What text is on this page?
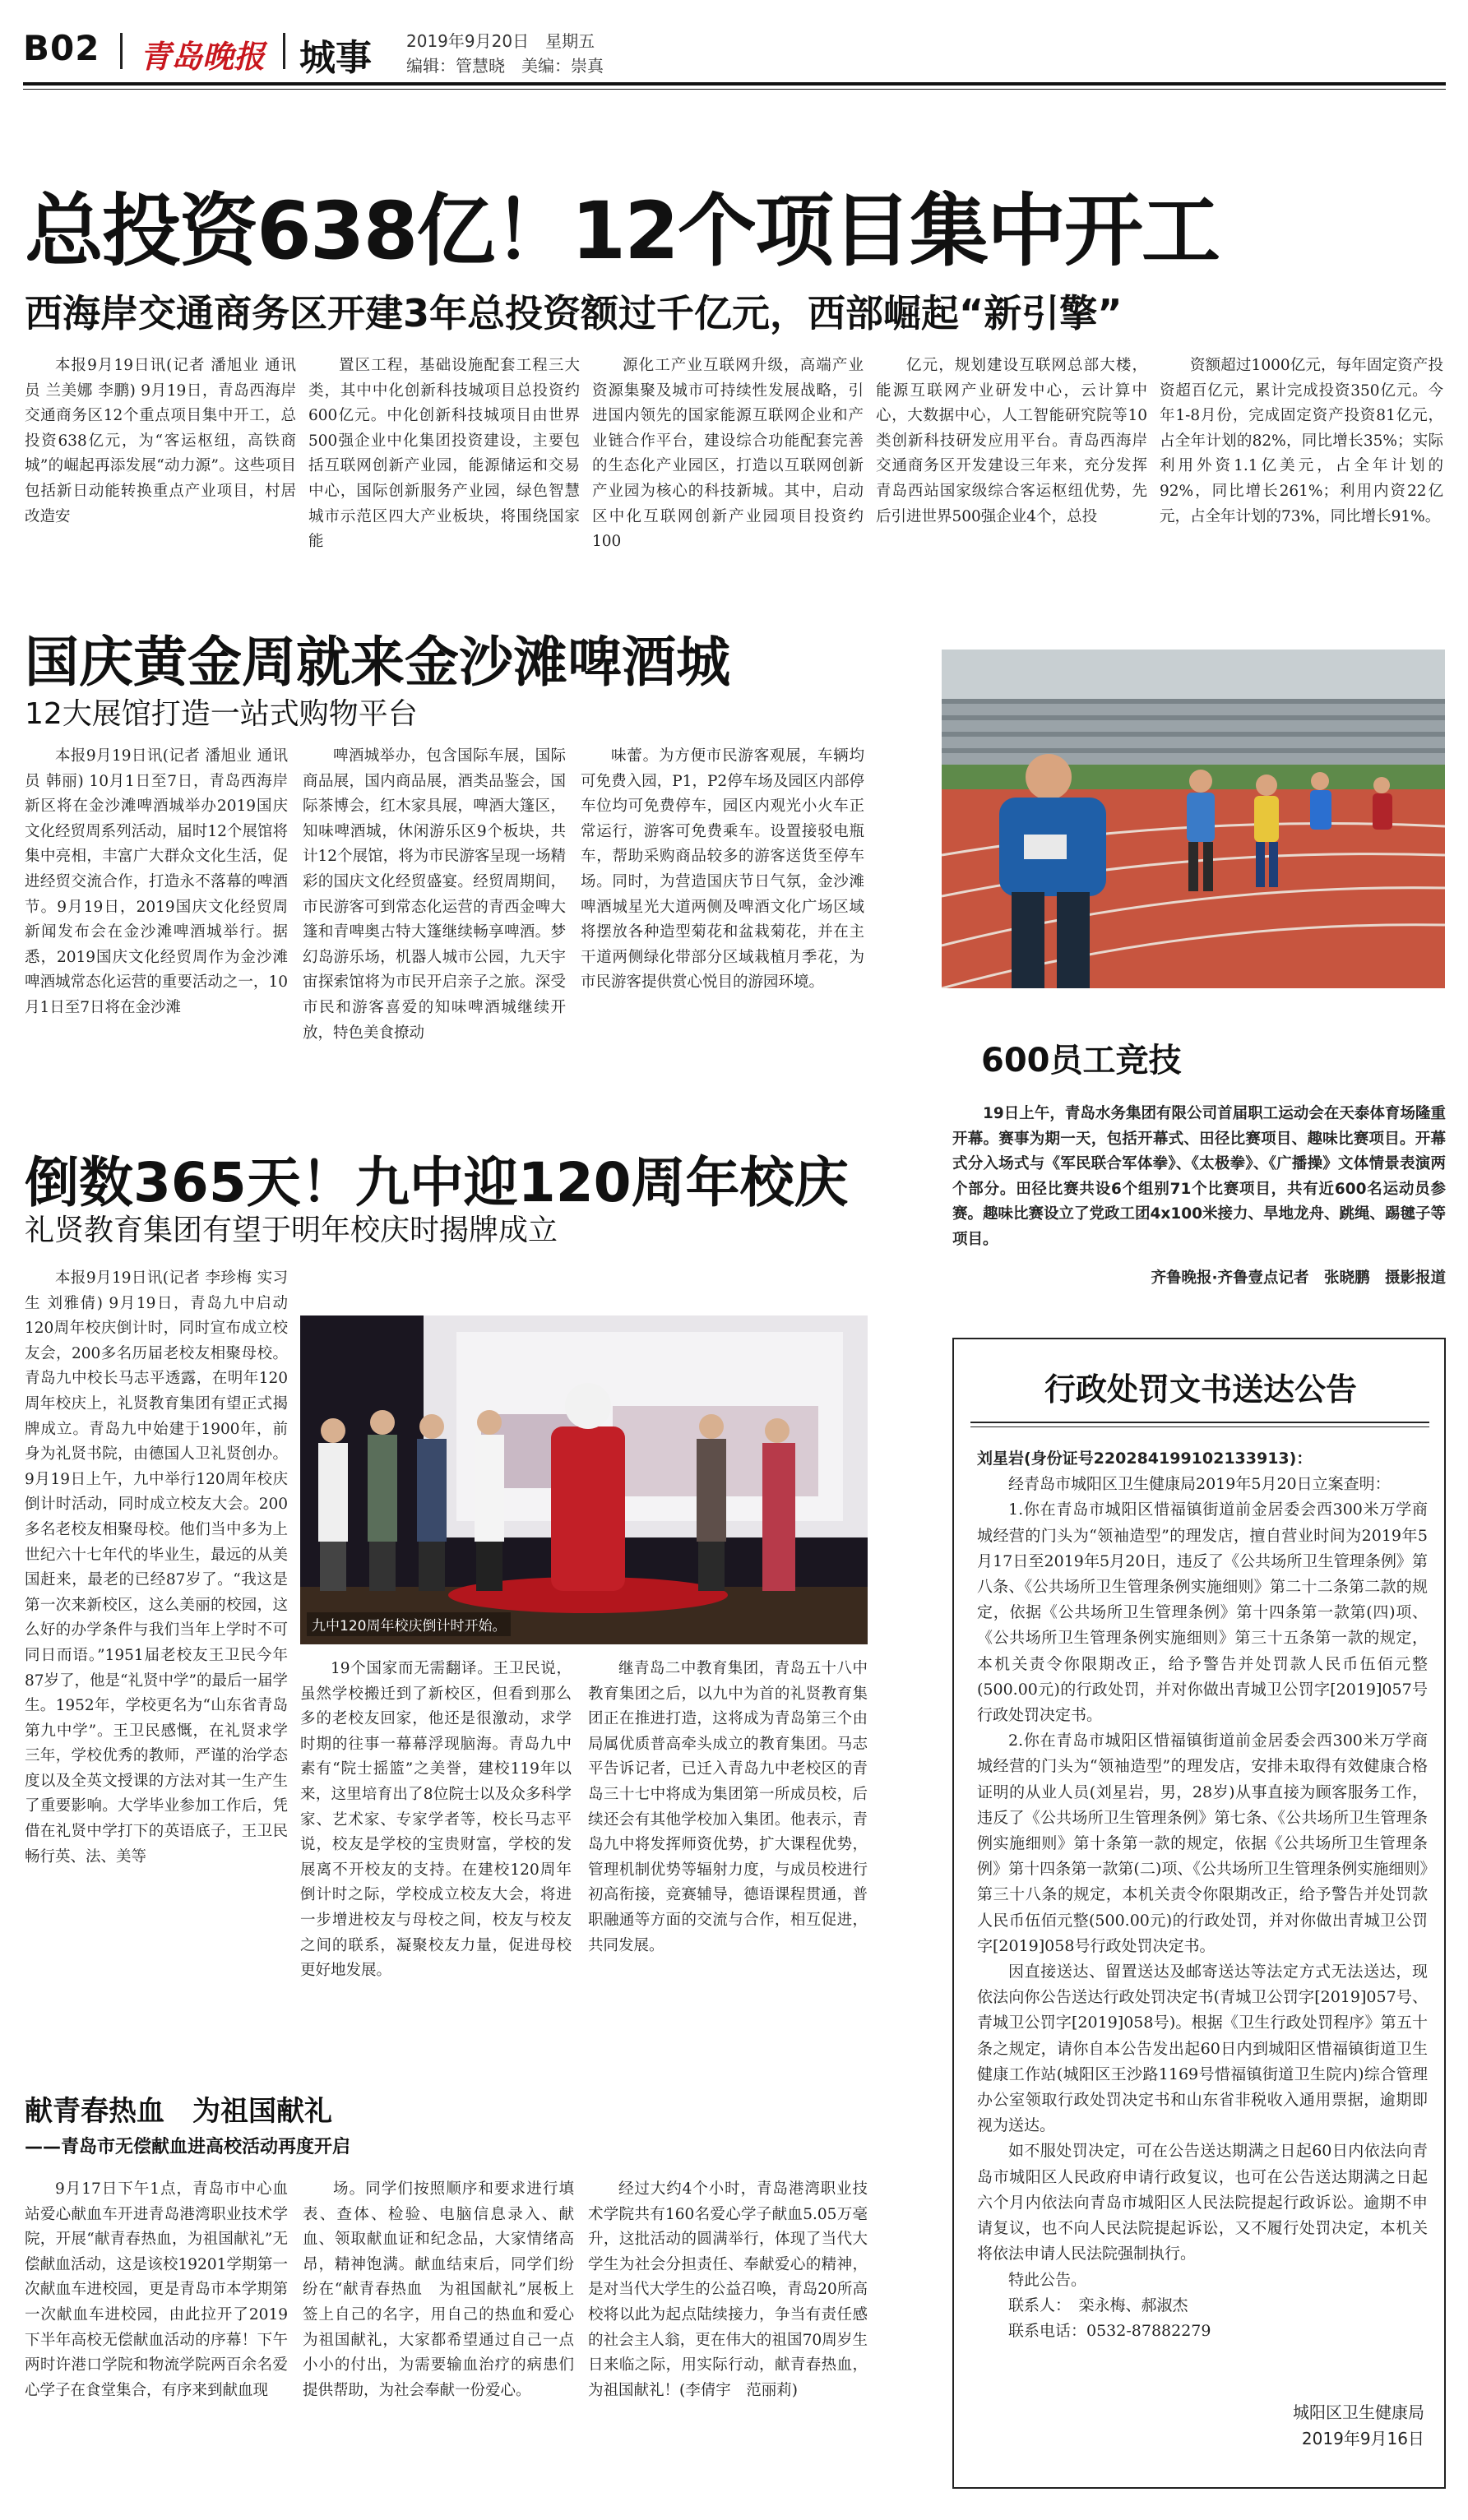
B02 青岛晚报 城事 2019年9月20日　星期五
编辑：管慧晓　美编：崇真
总投资638亿！12个项目集中开工
西海岸交通商务区开建3年总投资额过千亿元，西部崛起“新引擎”

本报9月19日讯(记者 潘旭业 通讯员 兰美娜 李鹏) 9月19日，青岛西海岸交通商务区12个重点项目集中开工，总投资638亿元，为“客运枢纽，高铁商城”的崛起再添发展“动力源”。这些项目包括新日动能转换重点产业项目，村居改造安

置区工程，基础设施配套工程三大类，其中中化创新科技城项目总投资约600亿元。中化创新科技城项目由世界500强企业中化集团投资建设，主要包括互联网创新产业园，能源储运和交易中心，国际创新服务产业园，绿色智慧城市示范区四大产业板块，将围绕国家能

源化工产业互联网升级，高端产业资源集聚及城市可持续性发展战略，引进国内领先的国家能源互联网企业和产业链合作平台，建设综合功能配套完善的生态化产业园区，打造以互联网创新产业园为核心的科技新城。其中，启动区中化互联网创新产业园项目投资约100

亿元，规划建设互联网总部大楼，能源互联网产业研发中心，云计算中心，大数据中心，人工智能研究院等10类创新科技研发应用平台。青岛西海岸交通商务区开发建设三年来，充分发挥青岛西站国家级综合客运枢纽优势，先后引进世界500强企业4个，总投

资额超过1000亿元，每年固定资产投资超百亿元，累计完成投资350亿元。今年1-8月份，完成固定资产投资81亿元，占全年计划的82%，同比增长35%；实际利用外资1.1亿美元，占全年计划的92%，同比增长261%；利用内资22亿元，占全年计划的73%，同比增长91%。

国庆黄金周就来金沙滩啤酒城
12大展馆打造一站式购物平台

本报9月19日讯(记者 潘旭业 通讯员 韩丽) 10月1日至7日，青岛西海岸新区将在金沙滩啤酒城举办2019国庆文化经贸周系列活动，届时12个展馆将集中亮相，丰富广大群众文化生活，促进经贸交流合作，打造永不落幕的啤酒节。9月19日，2019国庆文化经贸周新闻发布会在金沙滩啤酒城举行。据悉，2019国庆文化经贸周作为金沙滩啤酒城常态化运营的重要活动之一，10月1日至7日将在金沙滩

啤酒城举办，包含国际车展，国际商品展，国内商品展，酒类品鉴会，国际茶博会，红木家具展，啤酒大篷区，知味啤酒城，休闲游乐区9个板块，共计12个展馆，将为市民游客呈现一场精彩的国庆文化经贸盛宴。经贸周期间，市民游客可到常态化运营的青西金啤大篷和青啤奥古特大篷继续畅享啤酒。梦幻岛游乐场，机器人城市公园，九天宇宙探索馆将为市民开启亲子之旅。深受市民和游客喜爱的知味啤酒城继续开放，特色美食撩动

味蕾。为方便市民游客观展，车辆均可免费入园，P1，P2停车场及园区内部停车位均可免费停车，园区内观光小火车正常运行，游客可免费乘车。设置接驳电瓶车，帮助采购商品较多的游客送货至停车场。同时，为营造国庆节日气氛，金沙滩啤酒城星光大道两侧及啤酒文化广场区域将摆放各种造型菊花和盆栽菊花，并在主干道两侧绿化带部分区域栽植月季花，为市民游客提供赏心悦目的游园环境。

600员工竞技

19日上午，青岛水务集团有限公司首届职工运动会在天泰体育场隆重开幕。赛事为期一天，包括开幕式、田径比赛项目、趣味比赛项目。开幕式分入场式与《军民联合军体拳》、《太极拳》、《广播操》文体情景表演两个部分。田径比赛共设6个组别71个比赛项目，共有近600名运动员参赛。趣味比赛设立了党政工团4x100米接力、旱地龙舟、跳绳、踢毽子等项目。

齐鲁晚报·齐鲁壹点记者　张晓鹏　摄影报道
倒数365天！九中迎120周年校庆
礼贤教育集团有望于明年校庆时揭牌成立
九中120周年校庆倒计时开始。

本报9月19日讯(记者 李珍梅 实习生 刘雅倩) 9月19日，青岛九中启动120周年校庆倒计时，同时宣布成立校友会，200多名历届老校友相聚母校。青岛九中校长马志平透露，在明年120周年校庆上，礼贤教育集团有望正式揭牌成立。青岛九中始建于1900年，前身为礼贤书院，由德国人卫礼贤创办。9月19日上午，九中举行120周年校庆倒计时活动，同时成立校友大会。200多名老校友相聚母校。他们当中多为上世纪六十七年代的毕业生，最远的从美国赶来，最老的已经87岁了。“我这是第一次来新校区，这么美丽的校园，这么好的办学条件与我们当年上学时不可同日而语。”1951届老校友王卫民今年87岁了，他是“礼贤中学”的最后一届学生。1952年，学校更名为“山东省青岛第九中学”。王卫民感慨，在礼贤求学三年，学校优秀的教师，严谨的治学态度以及全英文授课的方法对其一生产生了重要影响。大学毕业参加工作后，凭借在礼贤中学打下的英语底子，王卫民畅行英、法、美等

19个国家而无需翻译。王卫民说，虽然学校搬迁到了新校区，但看到那么多的老校友回家，他还是很激动，求学时期的往事一幕幕浮现脑海。青岛九中素有“院士摇篮”之美誉，建校119年以来，这里培育出了8位院士以及众多科学家、艺术家、专家学者等，校长马志平说，校友是学校的宝贵财富，学校的发展离不开校友的支持。在建校120周年倒计时之际，学校成立校友大会，将进一步增进校友与母校之间，校友与校友之间的联系，凝聚校友力量，促进母校更好地发展。

继青岛二中教育集团，青岛五十八中教育集团之后，以九中为首的礼贤教育集团正在推进打造，这将成为青岛第三个由局属优质普高牵头成立的教育集团。马志平告诉记者，已迁入青岛九中老校区的青岛三十七中将成为集团第一所成员校，后续还会有其他学校加入集团。他表示，青岛九中将发挥师资优势，扩大课程优势，管理机制优势等辐射力度，与成员校进行初高衔接，竞赛辅导，德语课程贯通，普职融通等方面的交流与合作，相互促进，共同发展。

献青春热血　为祖国献礼
——青岛市无偿献血进高校活动再度开启

9月17日下午1点，青岛市中心血站爱心献血车开进青岛港湾职业技术学院，开展“献青春热血，为祖国献礼”无偿献血活动，这是该校19201学期第一次献血车进校园，更是青岛市本学期第一次献血车进校园，由此拉开了2019下半年高校无偿献血活动的序幕！下午两时许港口学院和物流学院两百余名爱心学子在食堂集合，有序来到献血现

场。同学们按照顺序和要求进行填表、查体、检验、电脑信息录入、献血、领取献血证和纪念品，大家情绪高昂，精神饱满。献血结束后，同学们纷纷在“献青春热血　为祖国献礼”展板上签上自己的名字，用自己的热血和爱心为祖国献礼，大家都希望通过自己一点小小的付出，为需要输血治疗的病患们提供帮助，为社会奉献一份爱心。

经过大约4个小时，青岛港湾职业技术学院共有160名爱心学子献血5.05万毫升，这批活动的圆满举行，体现了当代大学生为社会分担责任、奉献爱心的精神，是对当代大学生的公益召唤，青岛20所高校将以此为起点陆续接力，争当有责任感的社会主人翁，更在伟大的祖国70周岁生日来临之际，用实际行动，献青春热血，为祖国献礼！(李倩宇　范丽莉)

行政处罚文书送达公告

刘星岩(身份证号220284199102133913)：

经青岛市城阳区卫生健康局2019年5月20日立案查明：

1.你在青岛市城阳区惜福镇街道前金居委会西300米万学商城经营的门头为“领袖造型”的理发店，擅自营业时间为2019年5月17日至2019年5月20日，违反了《公共场所卫生管理条例》第八条、《公共场所卫生管理条例实施细则》第二十二条第二款的规定，依据《公共场所卫生管理条例》第十四条第一款第(四)项、《公共场所卫生管理条例实施细则》第三十五条第一款的规定，本机关责令你限期改正，给予警告并处罚款人民币伍佰元整(500.00元)的行政处罚，并对你做出青城卫公罚字[2019]057号行政处罚决定书。

2.你在青岛市城阳区惜福镇街道前金居委会西300米万学商城经营的门头为“领袖造型”的理发店，安排未取得有效健康合格证明的从业人员(刘星岩，男，28岁)从事直接为顾客服务工作，违反了《公共场所卫生管理条例》第七条、《公共场所卫生管理条例实施细则》第十条第一款的规定，依据《公共场所卫生管理条例》第十四条第一款第(二)项、《公共场所卫生管理条例实施细则》第三十八条的规定，本机关责令你限期改正，给予警告并处罚款人民币伍佰元整(500.00元)的行政处罚，并对你做出青城卫公罚字[2019]058号行政处罚决定书。

因直接送达、留置送达及邮寄送达等法定方式无法送达，现依法向你公告送达行政处罚决定书(青城卫公罚字[2019]057号、青城卫公罚字[2019]058号)。根据《卫生行政处罚程序》第五十条之规定，请你自本公告发出起60日内到城阳区惜福镇街道卫生健康工作站(城阳区王沙路1169号惜福镇街道卫生院内)综合管理办公室领取行政处罚决定书和山东省非税收入通用票据，逾期即视为送达。

如不服处罚决定，可在公告送达期满之日起60日内依法向青岛市城阳区人民政府申请行政复议，也可在公告送达期满之日起六个月内依法向青岛市城阳区人民法院提起行政诉讼。逾期不申请复议，也不向人民法院提起诉讼，又不履行处罚决定，本机关将依法申请人民法院强制执行。

特此公告。

联系人：　栾永梅、郝淑杰

联系电话：0532-87882279

城阳区卫生健康局
2019年9月16日
